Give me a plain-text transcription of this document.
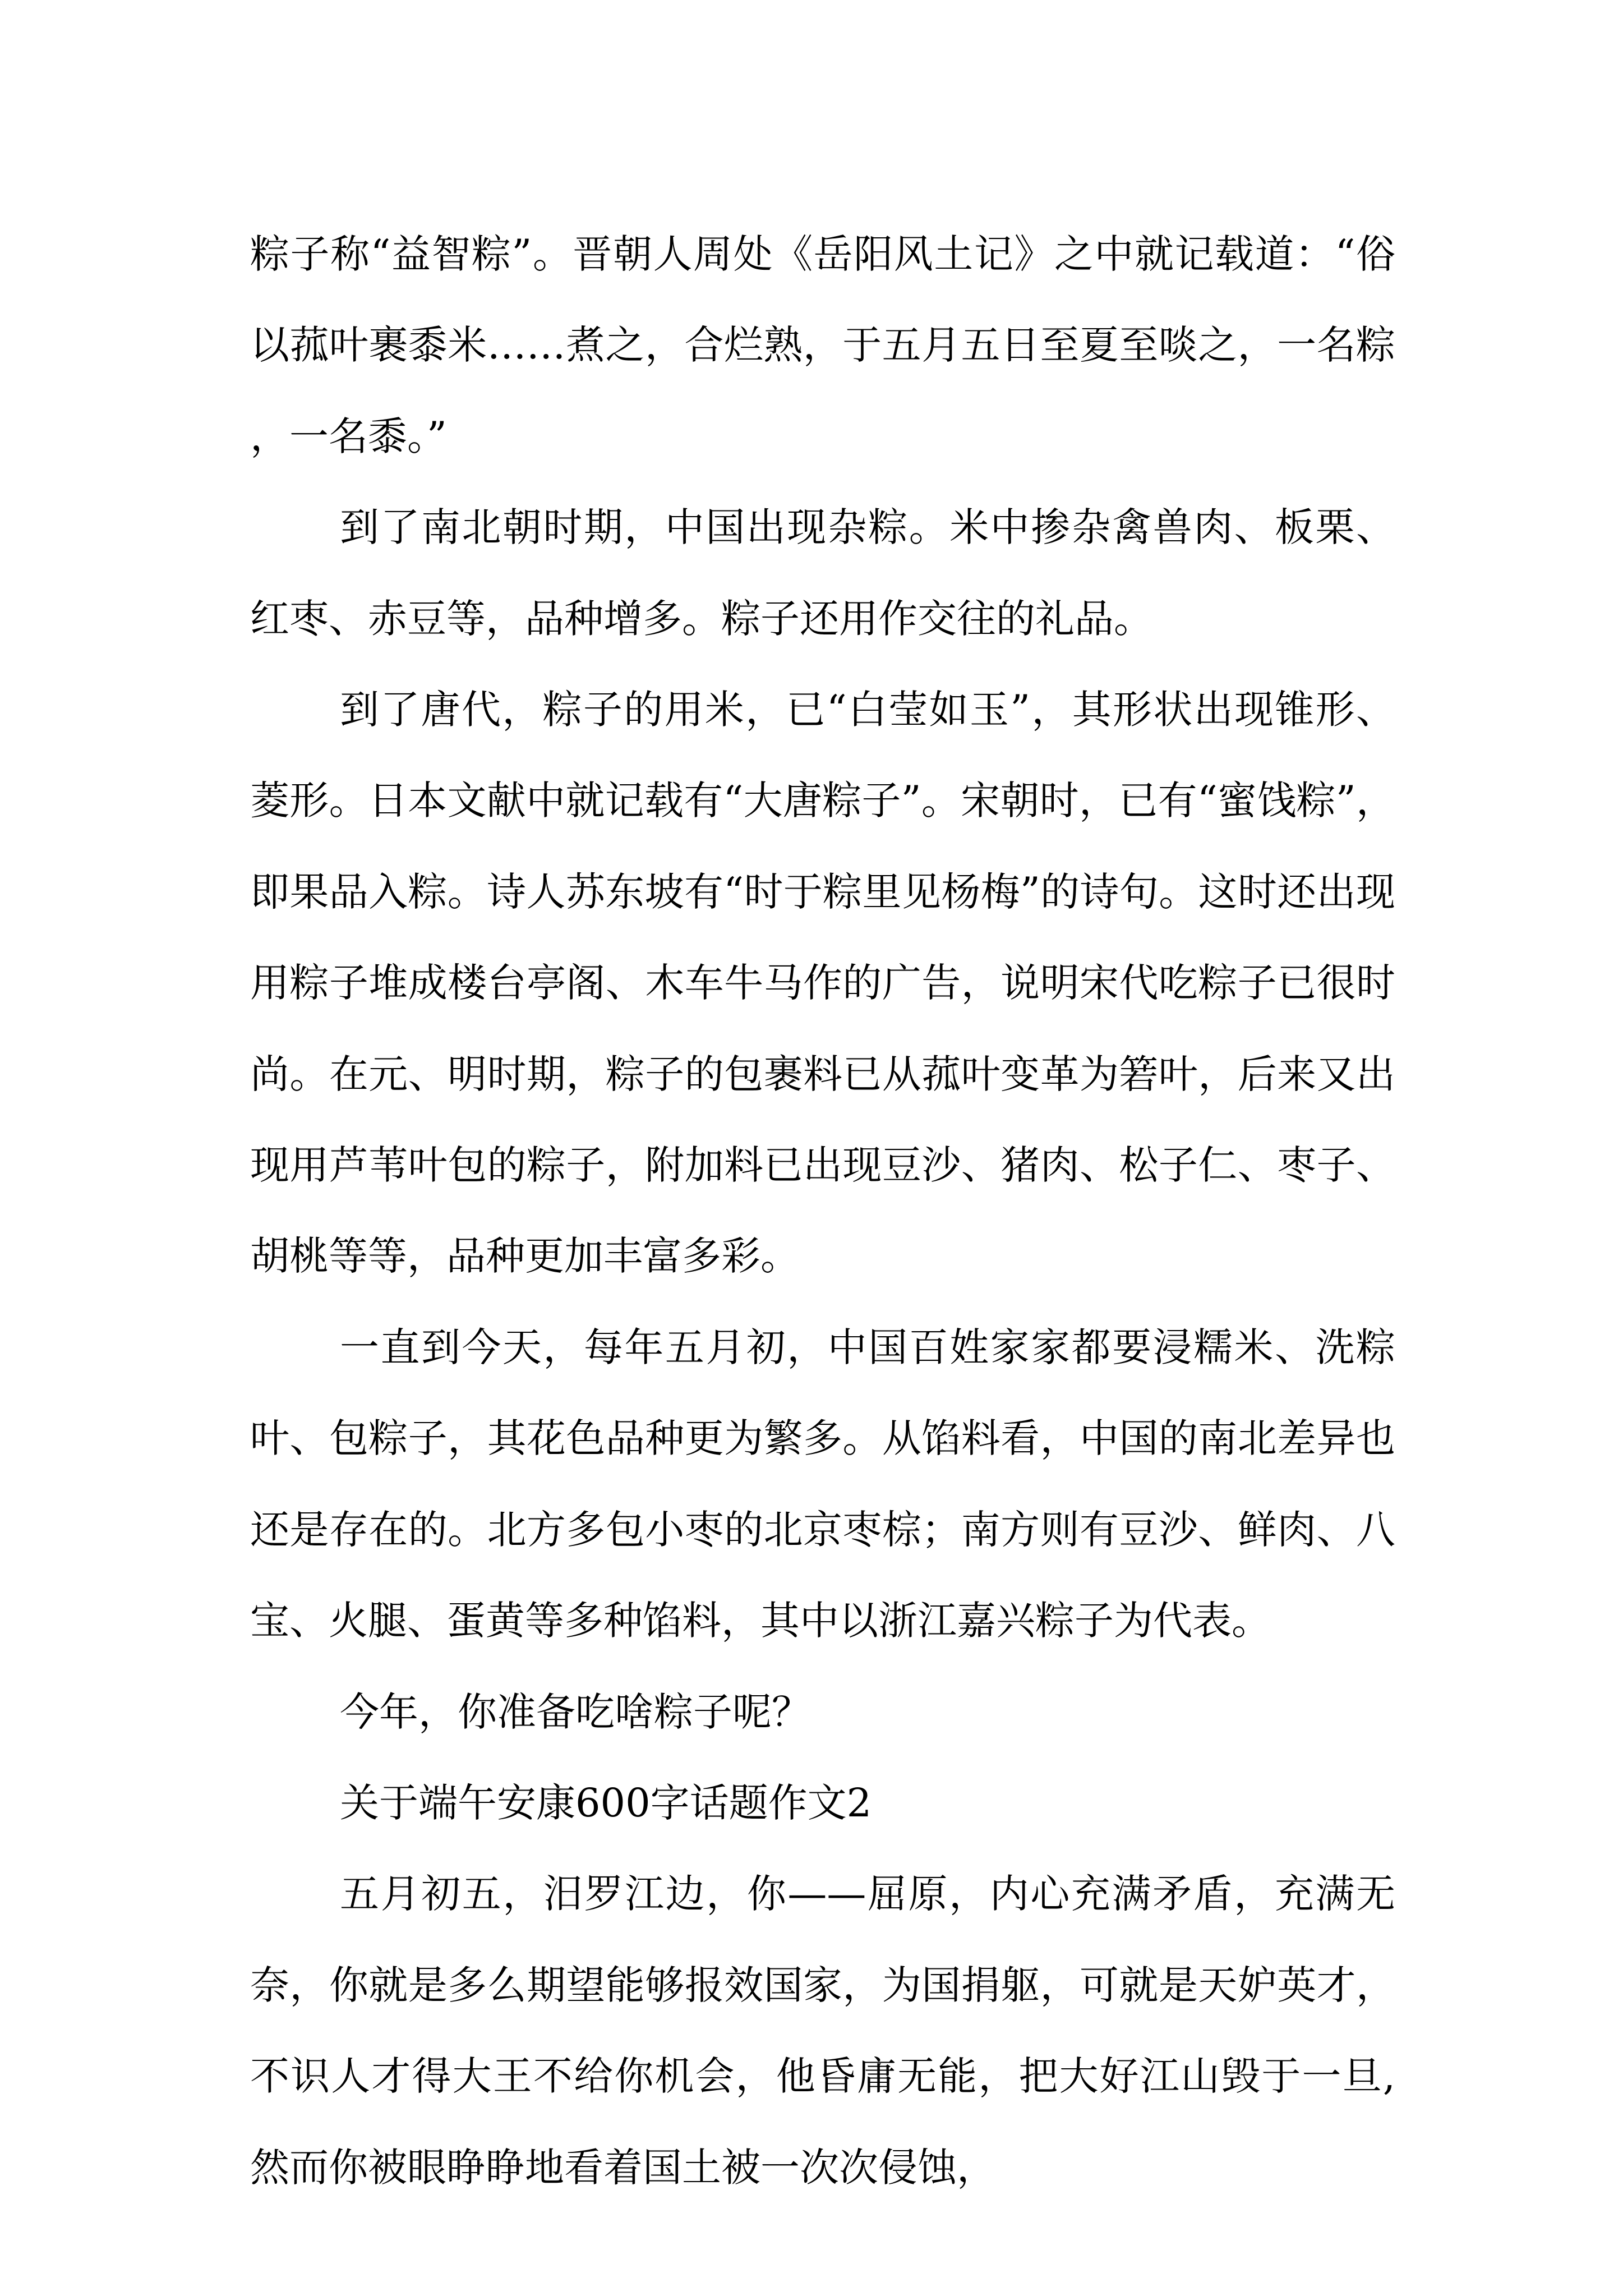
粽子称“益智粽”。晋朝人周处《岳阳风土记》之中就记载道：“俗以菰叶裹黍米……煮之，合烂熟，于五月五日至夏至啖之，一名粽，一名黍。”

到了南北朝时期，中国出现杂粽。米中掺杂禽兽肉、板栗、红枣、赤豆等，品种增多。粽子还用作交往的礼品。

到了唐代，粽子的用米，已“白莹如玉”，其形状出现锥形、菱形。日本文献中就记载有“大唐粽子”。宋朝时，已有“蜜饯粽”，即果品入粽。诗人苏东坡有“时于粽里见杨梅”的诗句。这时还出现用粽子堆成楼台亭阁、木车牛马作的广告，说明宋代吃粽子已很时尚。在元、明时期，粽子的包裹料已从菰叶变革为箬叶，后来又出现用芦苇叶包的粽子，附加料已出现豆沙、猪肉、松子仁、枣子、胡桃等等，品种更加丰富多彩。

一直到今天，每年五月初，中国百姓家家都要浸糯米、洗粽叶、包粽子，其花色品种更为繁多。从馅料看，中国的南北差异也还是存在的。北方多包小枣的北京枣棕；南方则有豆沙、鲜肉、八宝、火腿、蛋黄等多种馅料，其中以浙江嘉兴粽子为代表。

今年，你准备吃啥粽子呢？

关于端午安康600字话题作文2

五月初五，汨罗江边，你——屈原，内心充满矛盾，充满无奈，你就是多么期望能够报效国家，为国捐躯，可就是天妒英才，不识人才得大王不给你机会，他昏庸无能，把大好江山毁于一旦,然而你被眼睁睁地看着国土被一次次侵蚀，
